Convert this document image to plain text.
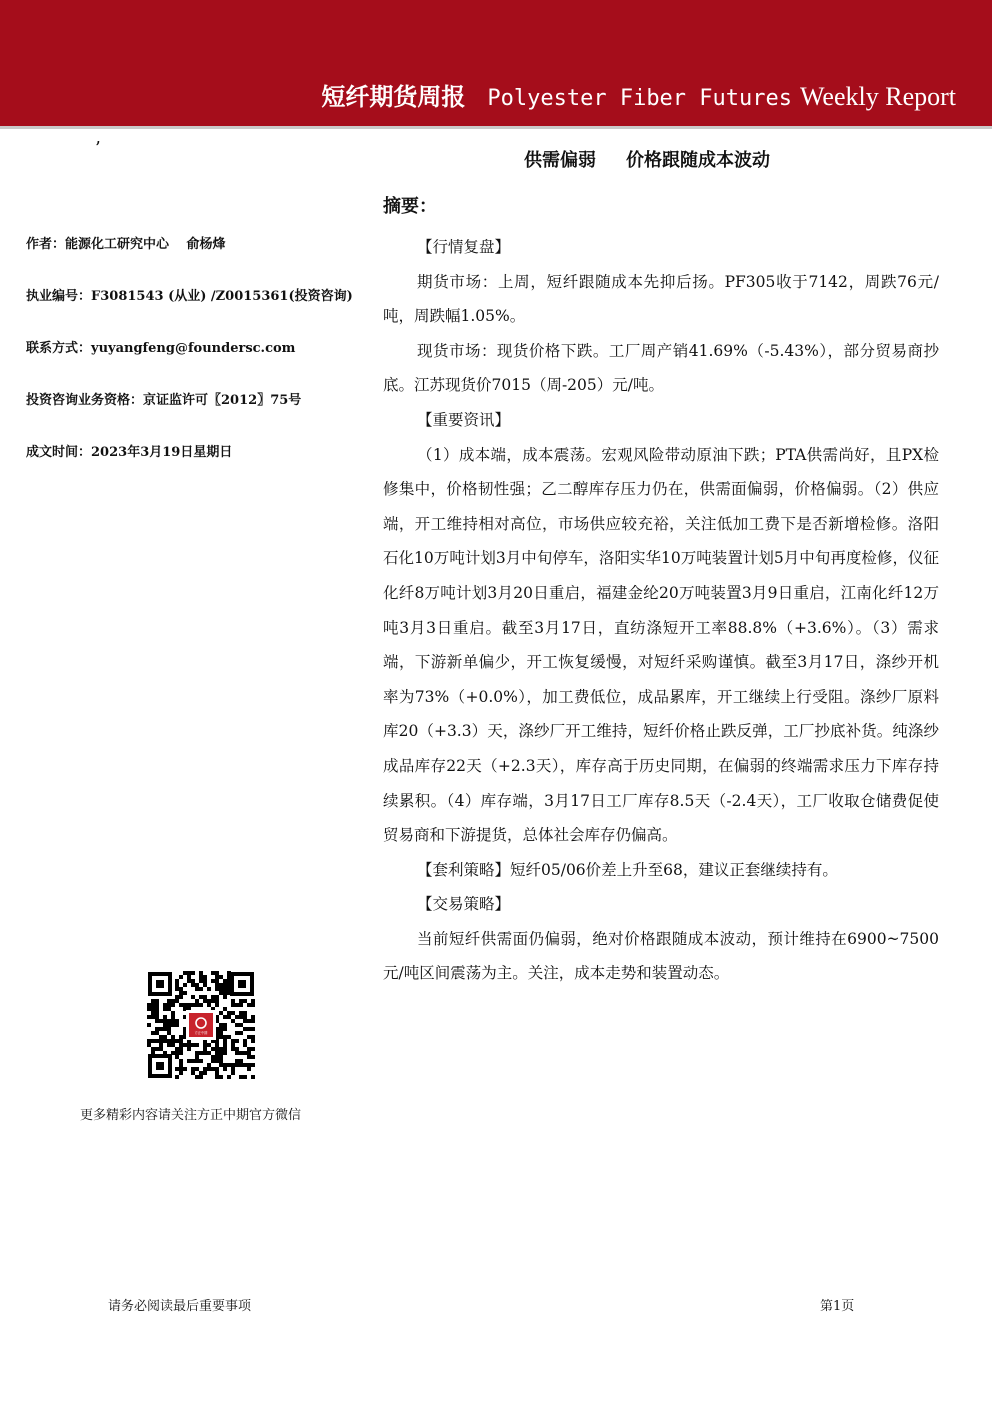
短纤期货周报 Polyester Fiber Futures Weekly Report
’
作者：能源化工研究中心　 俞杨烽
执业编号：F3081543 (从业) /Z0015361(投资咨询)
联系方式：yuyangfeng@foundersc.com
投资咨询业务资格：京证监许可〖2012〗75号
成文时间：2023年3月19日星期日
方正中期
更多精彩内容请关注方正中期官方微信
供需偏弱 价格跟随成本波动
摘要：

【行情复盘】

期货市场：上周，短纤跟随成本先抑后扬。PF305收于7142，周跌76元/吨，周跌幅1.05%。

现货市场：现货价格下跌。工厂周产销41.69%（-5.43%），部分贸易商抄底。江苏现货价7015（周-205）元/吨。

【重要资讯】

（1）成本端，成本震荡。宏观风险带动原油下跌；PTA供需尚好，且PX检修集中，价格韧性强；乙二醇库存压力仍在，供需面偏弱，价格偏弱。（2）供应端，开工维持相对高位，市场供应较充裕，关注低加工费下是否新增检修。洛阳石化10万吨计划3月中旬停车，洛阳实华10万吨装置计划5月中旬再度检修，仪征化纤8万吨计划3月20日重启，福建金纶20万吨装置3月9日重启，江南化纤12万吨3月3日重启。截至3月17日，直纺涤短开工率88.8%（+3.6%）。（3）需求端，下游新单偏少，开工恢复缓慢，对短纤采购谨慎。截至3月17日，涤纱开机率为73%（+0.0%），加工费低位，成品累库，开工继续上行受阻。涤纱厂原料库20（+3.3）天，涤纱厂开工维持，短纤价格止跌反弹，工厂抄底补货。纯涤纱成品库存22天（+2.3天），库存高于历史同期，在偏弱的终端需求压力下库存持续累积。（4）库存端，3月17日工厂库存8.5天（-2.4天），工厂收取仓储费促使贸易商和下游提货，总体社会库存仍偏高。

【套利策略】短纤05/06价差上升至68，建议正套继续持有。

【交易策略】

当前短纤供需面仍偏弱，绝对价格跟随成本波动，预计维持在6900~7500元/吨区间震荡为主。关注，成本走势和装置动态。

请务必阅读最后重要事项	第1页
